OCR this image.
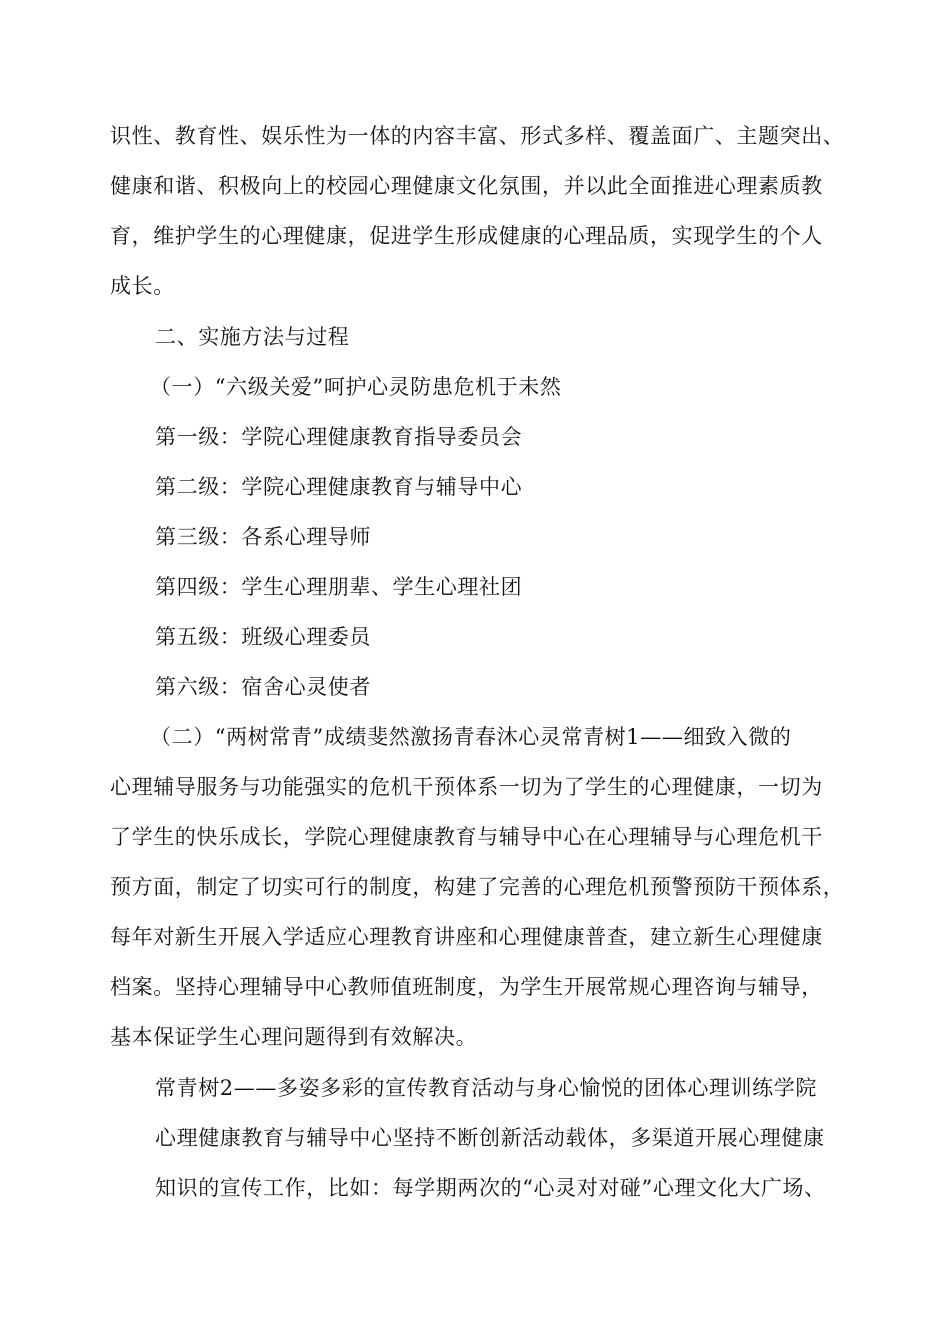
识性、教育性、娱乐性为一体的内容丰富、形式多样、覆盖面广、主题突出、
健康和谐、积极向上的校园心理健康文化氛围，并以此全面推进心理素质教
育，维护学生的心理健康，促进学生形成健康的心理品质，实现学生的个人
成长。
二、实施方法与过程
（一）“六级关爱”呵护心灵防患危机于未然
第一级：学院心理健康教育指导委员会
第二级：学院心理健康教育与辅导中心
第三级：各系心理导师
第四级：学生心理朋辈、学生心理社团
第五级：班级心理委员
第六级：宿舍心灵使者
（二）“两树常青”成绩斐然激扬青春沐心灵常青树1——细致入微的
心理辅导服务与功能强实的危机干预体系一切为了学生的心理健康，一切为
了学生的快乐成长，学院心理健康教育与辅导中心在心理辅导与心理危机干
预方面，制定了切实可行的制度，构建了完善的心理危机预警预防干预体系，
每年对新生开展入学适应心理教育讲座和心理健康普查，建立新生心理健康
档案。坚持心理辅导中心教师值班制度，为学生开展常规心理咨询与辅导，
基本保证学生心理问题得到有效解决。
常青树2——多姿多彩的宣传教育活动与身心愉悦的团体心理训练学院
心理健康教育与辅导中心坚持不断创新活动载体，多渠道开展心理健康
知识的宣传工作，比如：每学期两次的“心灵对对碰”心理文化大广场、
